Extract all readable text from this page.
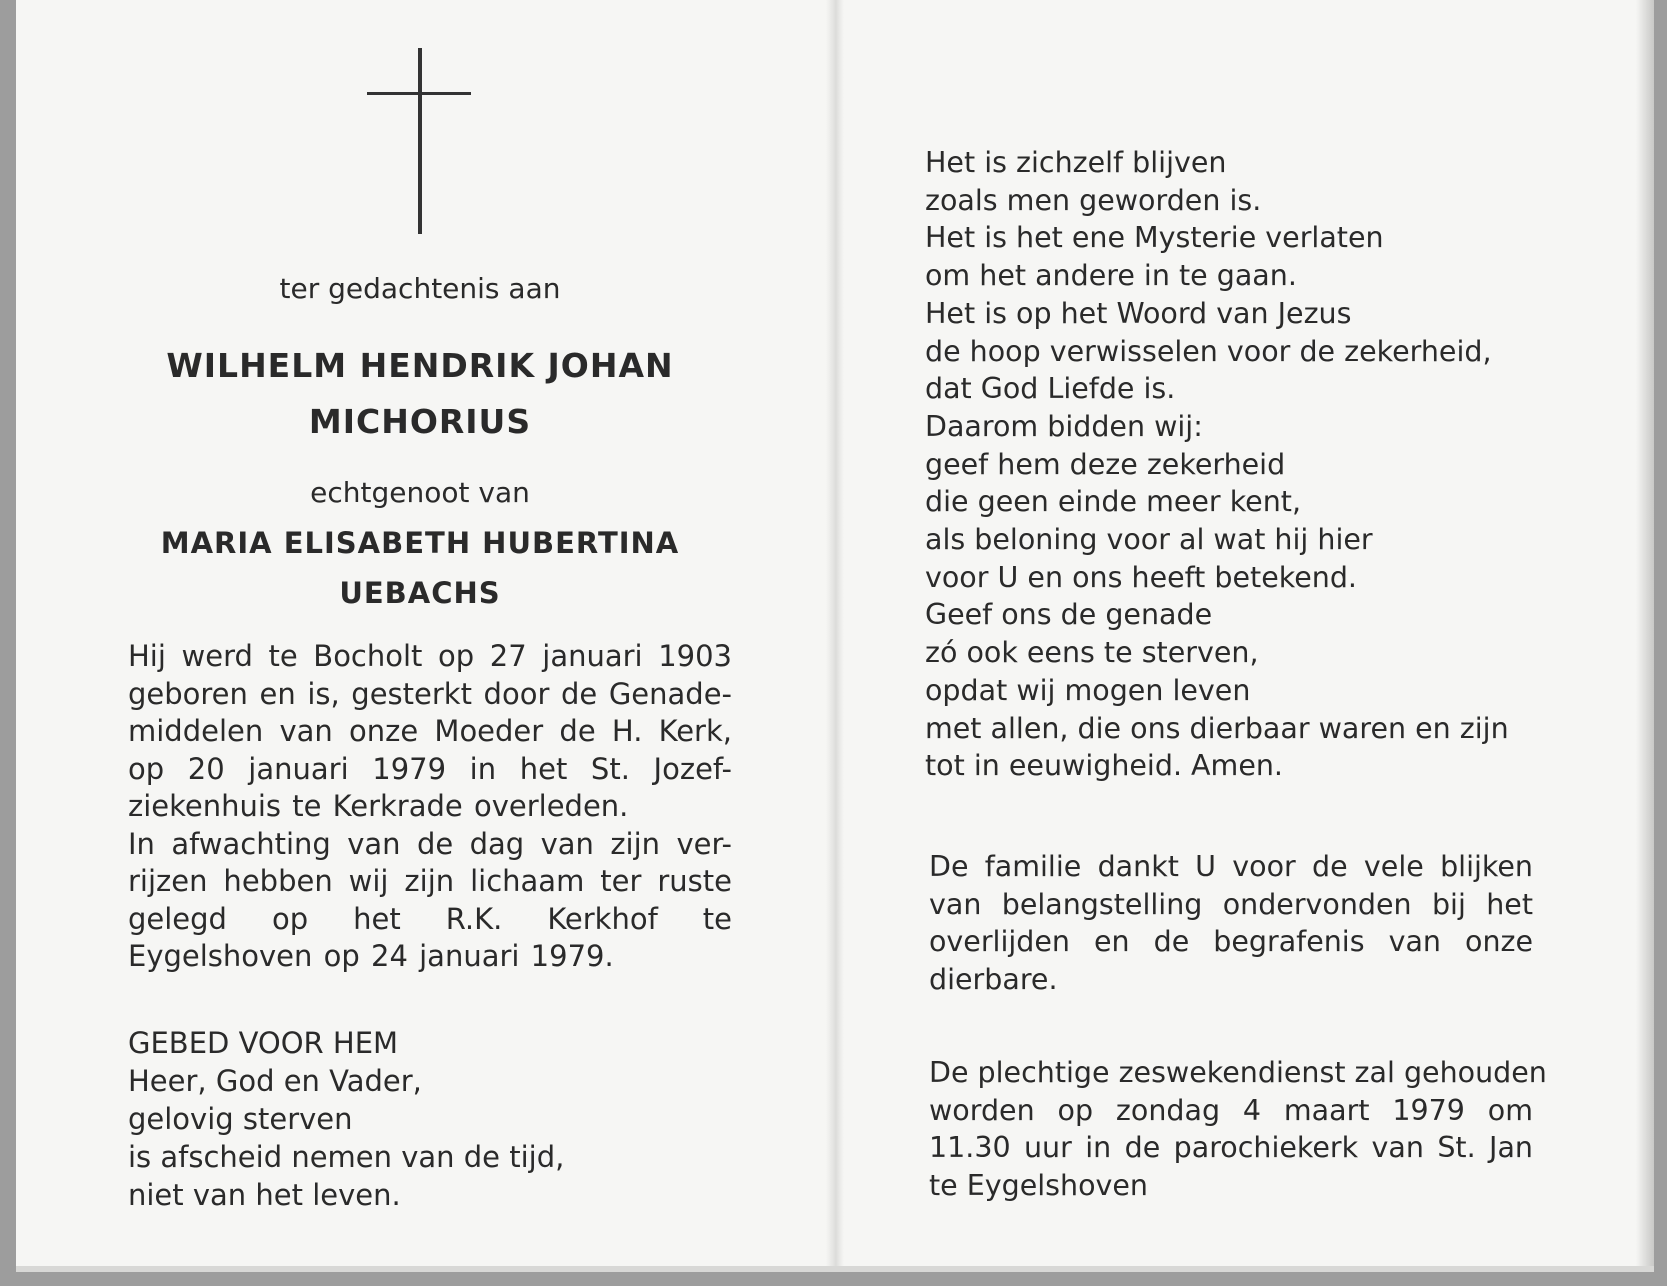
ter gedachtenis aan
WILHELM HENDRIK JOHAN
MICHORIUS
echtgenoot van
MARIA ELISABETH HUBERTINA
UEBACHS
Hij werd te Bocholt op 27 januari 1903
geboren en is, gesterkt door de Genade-
middelen van onze Moeder de H. Kerk,
op 20 januari 1979 in het St. Jozef-
ziekenhuis te Kerkrade overleden.
In afwachting van de dag van zijn ver-
rijzen hebben wij zijn lichaam ter ruste
gelegd op het R.K. Kerkhof te
Eygelshoven op 24 januari 1979.
GEBED VOOR HEM
Heer, God en Vader,
gelovig sterven
is afscheid nemen van de tijd,
niet van het leven.
Het is zichzelf blijven
zoals men geworden is.
Het is het ene Mysterie verlaten
om het andere in te gaan.
Het is op het Woord van Jezus
de hoop verwisselen voor de zekerheid,
dat God Liefde is.
Daarom bidden wij:
geef hem deze zekerheid
die geen einde meer kent,
als beloning voor al wat hij hier
voor U en ons heeft betekend.
Geef ons de genade
zó ook eens te sterven,
opdat wij mogen leven
met allen, die ons dierbaar waren en zijn
tot in eeuwigheid. Amen.
De familie dankt U voor de vele blijken
van belangstelling ondervonden bij het
overlijden en de begrafenis van onze
dierbare.
De plechtige zeswekendienst zal gehouden
worden op zondag 4 maart 1979 om
11.30 uur in de parochiekerk van St. Jan
te Eygelshoven
